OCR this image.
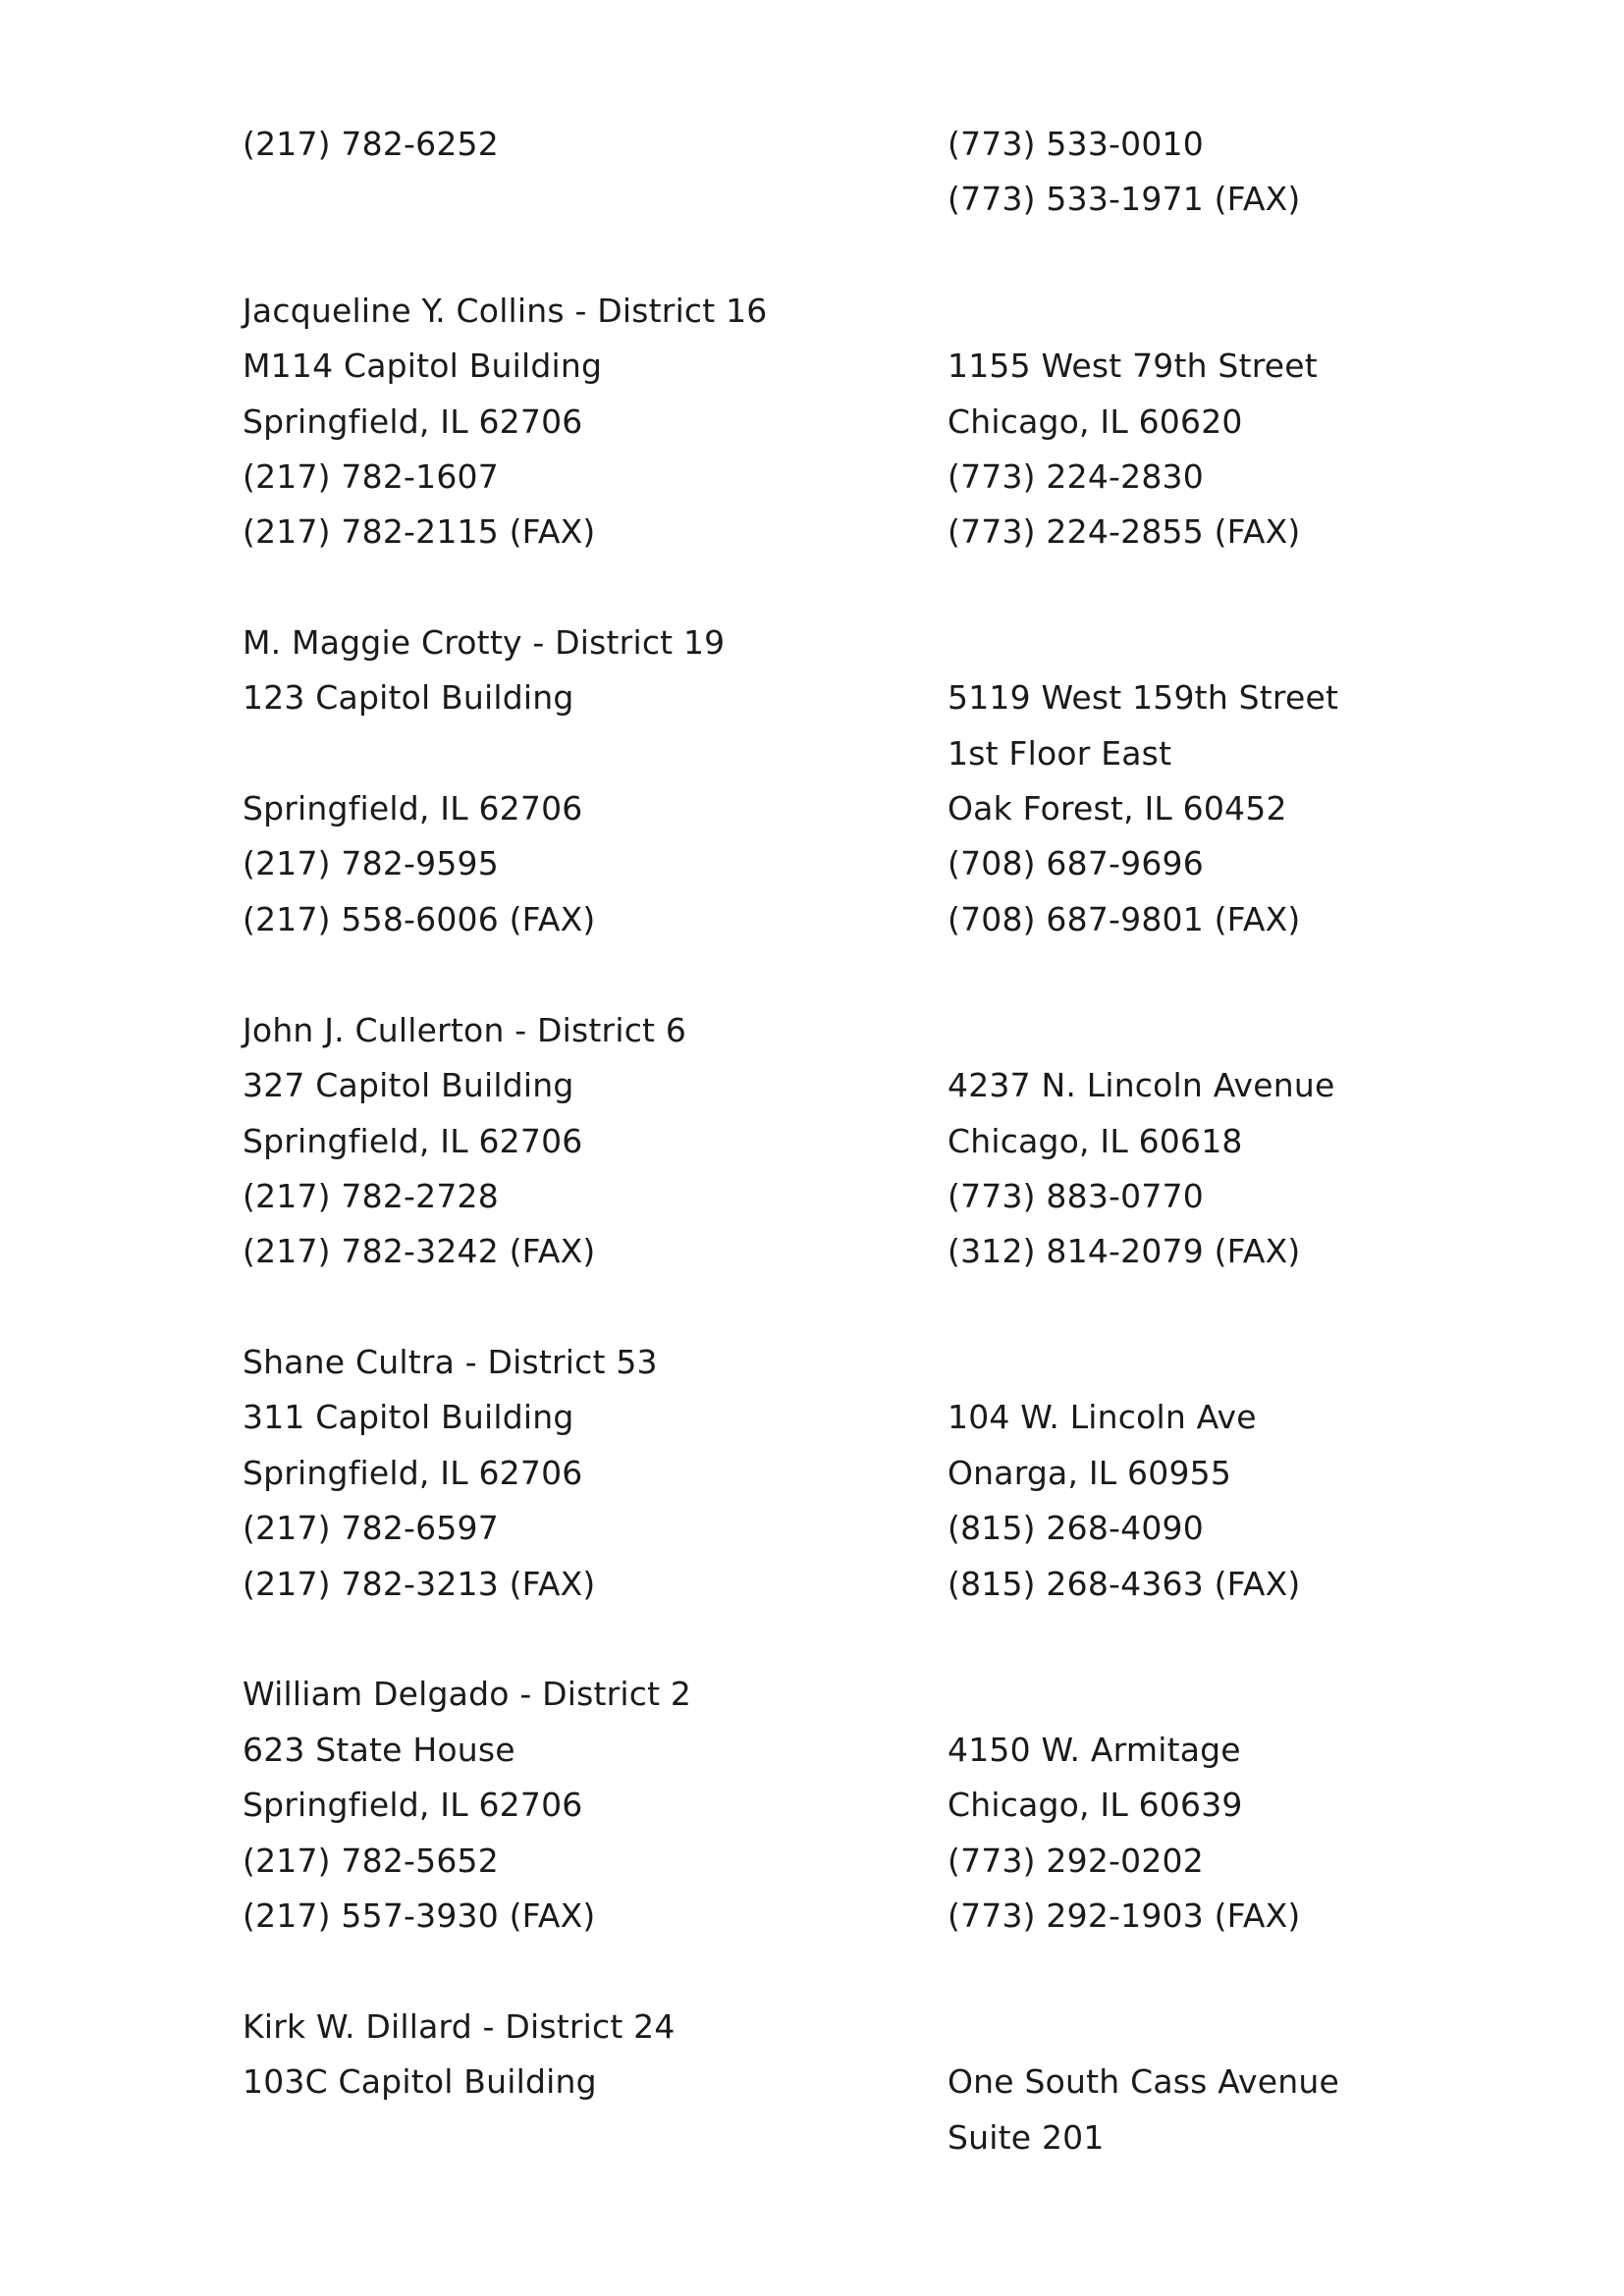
(217) 782-6252	(773) 533-0010
(773) 533-1971 (FAX)
Jacqueline Y. Collins - District 16
M114 Capitol Building
Springfield, IL 62706
(217) 782-1607
(217) 782-2115 (FAX)
1155 West 79th Street
Chicago, IL 60620
(773) 224-2830
(773) 224-2855 (FAX)
M. Maggie Crotty - District 19
123 Capitol Building
Springfield, IL 62706
(217) 782-9595
(217) 558-6006 (FAX)
5119 West 159th Street
1st Floor East
Oak Forest, IL 60452
(708) 687-9696
(708) 687-9801 (FAX)
John J. Cullerton - District 6
327 Capitol Building
Springfield, IL 62706
(217) 782-2728
(217) 782-3242 (FAX)
4237 N. Lincoln Avenue
Chicago, IL 60618
(773) 883-0770
(312) 814-2079 (FAX)
Shane Cultra - District 53
311 Capitol Building
Springfield, IL 62706
(217) 782-6597
(217) 782-3213 (FAX)
104 W. Lincoln Ave
Onarga, IL 60955
(815) 268-4090
(815) 268-4363 (FAX)
William Delgado - District 2
623 State House
Springfield, IL 62706
(217) 782-5652
(217) 557-3930 (FAX)
4150 W. Armitage
Chicago, IL 60639
(773) 292-0202
(773) 292-1903 (FAX)
Kirk W. Dillard - District 24
103C Capitol Building	One South Cass Avenue
Suite 201
